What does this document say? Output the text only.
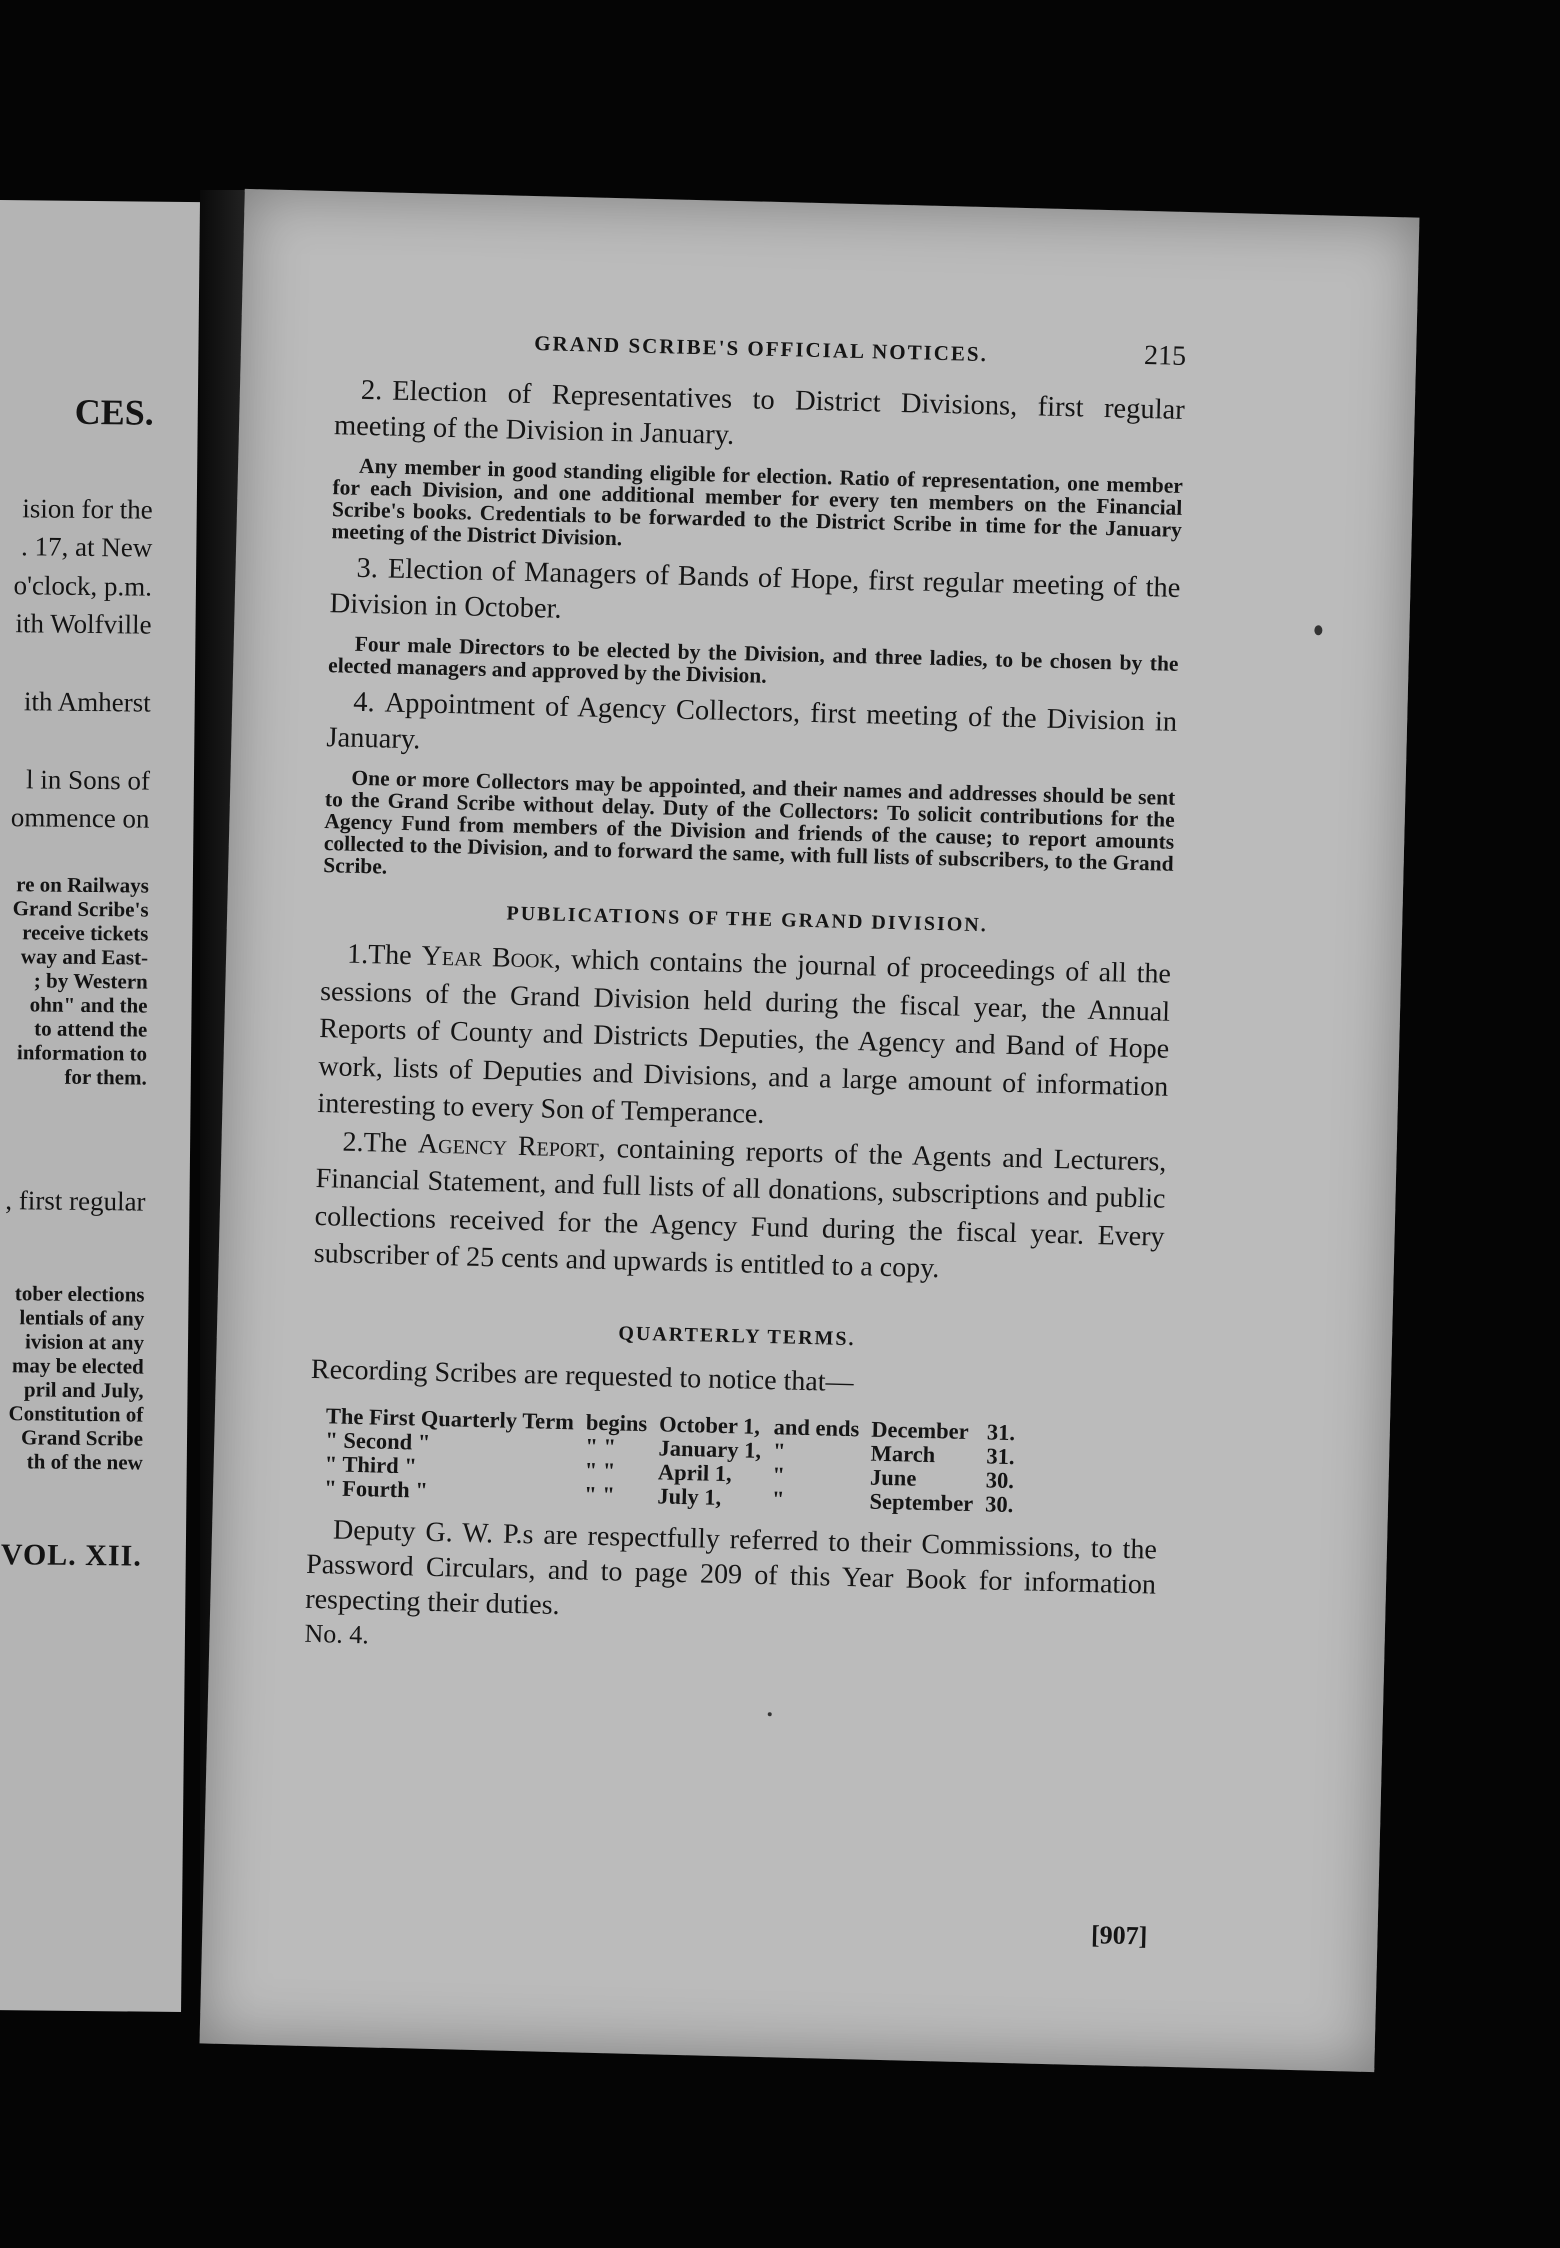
CES.
ision for the
. 17, at New
o'clock, p.m.
ith Wolfville
ith Amherst
l in Sons of
ommence on
re on Railways
Grand Scribe's
receive tickets
way and East-
; by Western
ohn" and the
to attend the
information to
for them.
, first regular
tober elections
lentials of any
ivision at any
may be elected
pril and July,
Constitution of
Grand Scribe
th of the new
VOL. XII.
GRAND SCRIBE'S OFFICIAL NOTICES.	215

2. Election of Representatives to District Divisions, first regular meeting of the Division in January.

Any member in good standing eligible for election. Ratio of representation, one member for each Division, and one additional member for every ten members on the Financial Scribe's books. Credentials to be forwarded to the District Scribe in time for the January meeting of the District Division.

3. Election of Managers of Bands of Hope, first regular meeting of the Division in October.

Four male Directors to be elected by the Division, and three ladies, to be chosen by the elected managers and approved by the Division.

4. Appointment of Agency Collectors, first meeting of the Division in January.

One or more Collectors may be appointed, and their names and addresses should be sent to the Grand Scribe without delay. Duty of the Collectors: To solicit contributions for the Agency Fund from members of the Division and friends of the cause; to report amounts collected to the Division, and to forward the same, with full lists of subscribers, to the Grand Scribe.

PUBLICATIONS OF THE GRAND DIVISION.

1.The Year Book, which contains the journal of proceedings of all the sessions of the Grand Division held during the fiscal year, the Annual Reports of County and Districts Deputies, the Agency and Band of Hope work, lists of Deputies and Divisions, and a large amount of information interesting to every Son of Temperance.

2.The Agency Report, containing reports of the Agents and Lecturers, Financial Statement, and full lists of all donations, subscriptions and public collections received for the Agency Fund during the fiscal year. Every subscriber of 25 cents and upwards is entitled to a copy.

QUARTERLY TERMS.

Recording Scribes are requested to notice that—

The First Quarterly Term	begins	October 1,	and ends	December	31.
" Second "	" "	January 1,	"	March	31.
" Third "	" "	April 1,	"	June	30.
" Fourth "	" "	July 1,	"	September	30.

Deputy G. W. P.s are respectfully referred to their Commissions, to the Password Circulars, and to page 209 of this Year Book for information respecting their duties.

No. 4.
[907]
